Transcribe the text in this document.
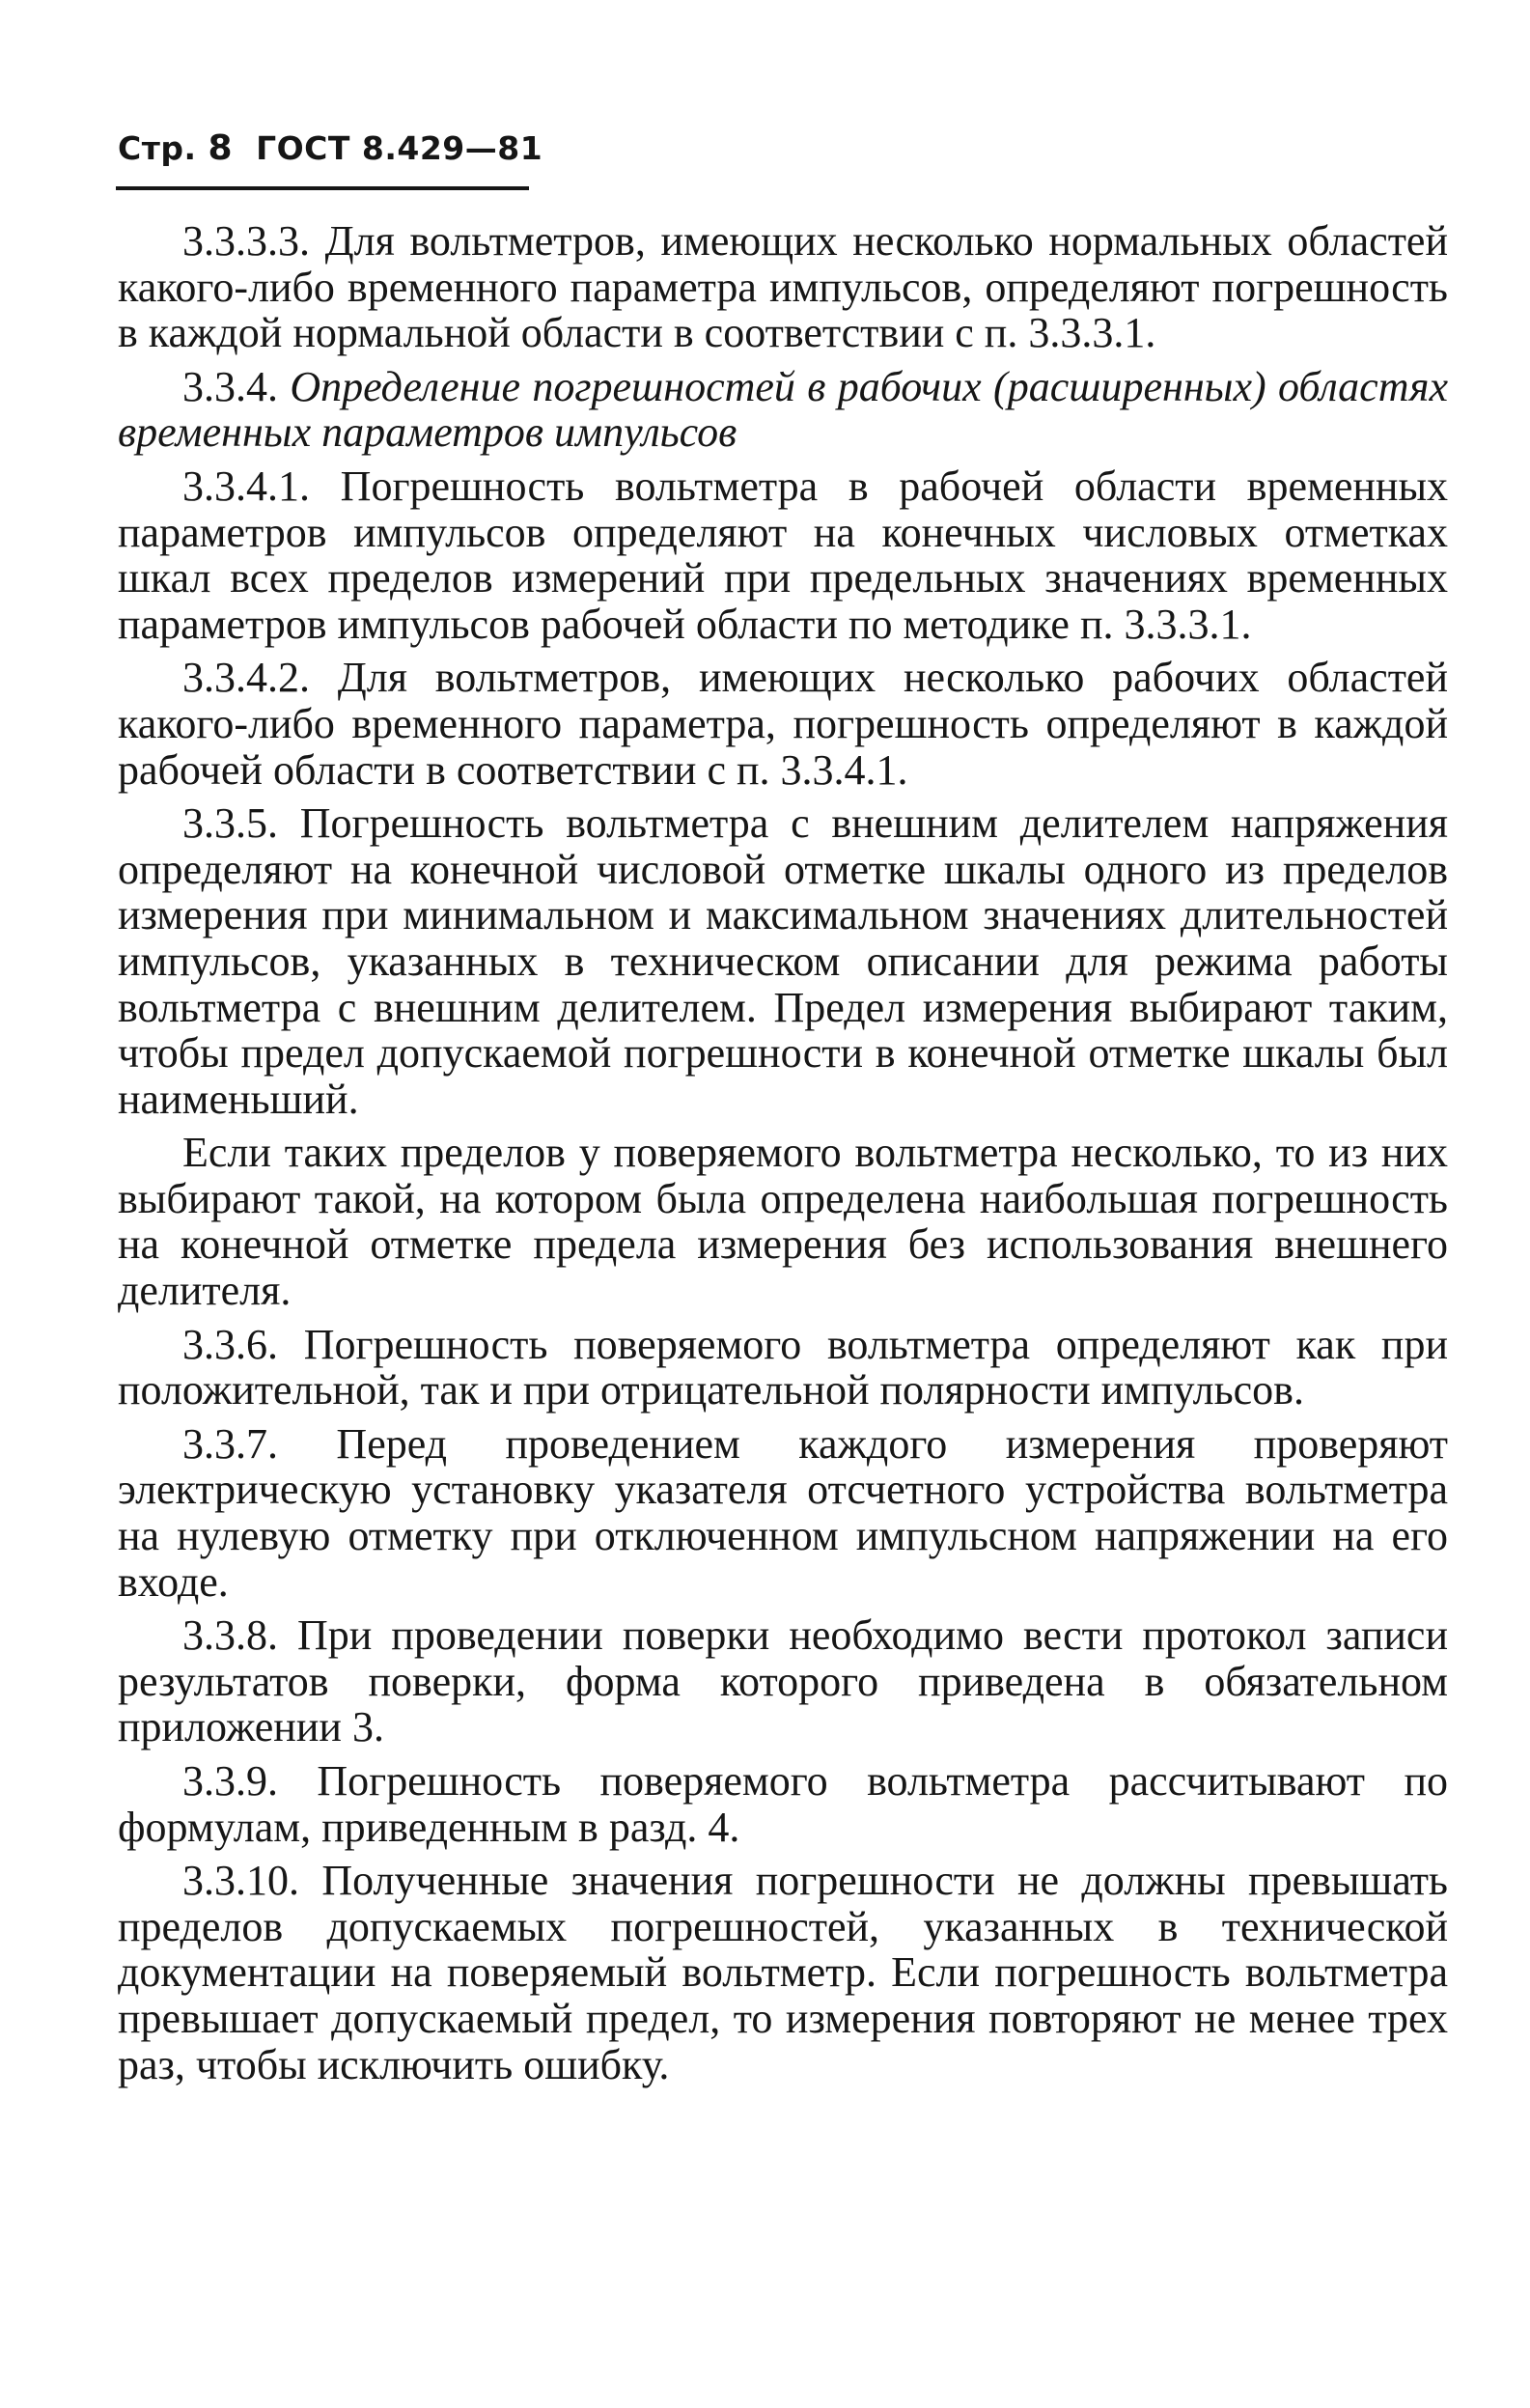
Стр. 8 ГОСТ 8.429—81

3.3.3.3. Для вольтметров, имеющих несколько нормальных областей какого-либо временного параметра импульсов, определяют погрешность в каждой нормальной области в соответствии с п. 3.3.3.1.

3.3.4. Определение погрешностей в рабочих (расширенных) областях временных параметров импульсов

3.3.4.1. Погрешность вольтметра в рабочей области временных параметров импульсов определяют на конечных числовых отметках шкал всех пределов измерений при предельных значениях временных параметров импульсов рабочей области по методике п. 3.3.3.1.

3.3.4.2. Для вольтметров, имеющих несколько рабочих областей какого-либо временного параметра, погрешность определяют в каждой рабочей области в соответствии с п. 3.3.4.1.

3.3.5. Погрешность вольтметра с внешним делителем напряжения определяют на конечной числовой отметке шкалы одного из пределов измерения при минимальном и максимальном значениях длительностей импульсов, указанных в техническом описании для режима работы вольтметра с внешним делителем. Предел измерения выбирают таким, чтобы предел допускаемой погрешности в конечной отметке шкалы был наименьший.

Если таких пределов у поверяемого вольтметра несколько, то из них выбирают такой, на котором была определена наибольшая погрешность на конечной отметке предела измерения без использования внешнего делителя.

3.3.6. Погрешность поверяемого вольтметра определяют как при положительной, так и при отрицательной полярности импульсов.

3.3.7. Перед проведением каждого измерения проверяют электрическую установку указателя отсчетного устройства вольтметра на нулевую отметку при отключенном импульсном напряжении на его входе.

3.3.8. При проведении поверки необходимо вести протокол записи результатов поверки, форма которого приведена в обязательном приложении 3.

3.3.9. Погрешность поверяемого вольтметра рассчитывают по формулам, приведенным в разд. 4.

3.3.10. Полученные значения погрешности не должны превышать пределов допускаемых погрешностей, указанных в технической документации на поверяемый вольтметр. Если погрешность вольтметра превышает допускаемый предел, то измерения повторяют не менее трех раз, чтобы исключить ошибку.
